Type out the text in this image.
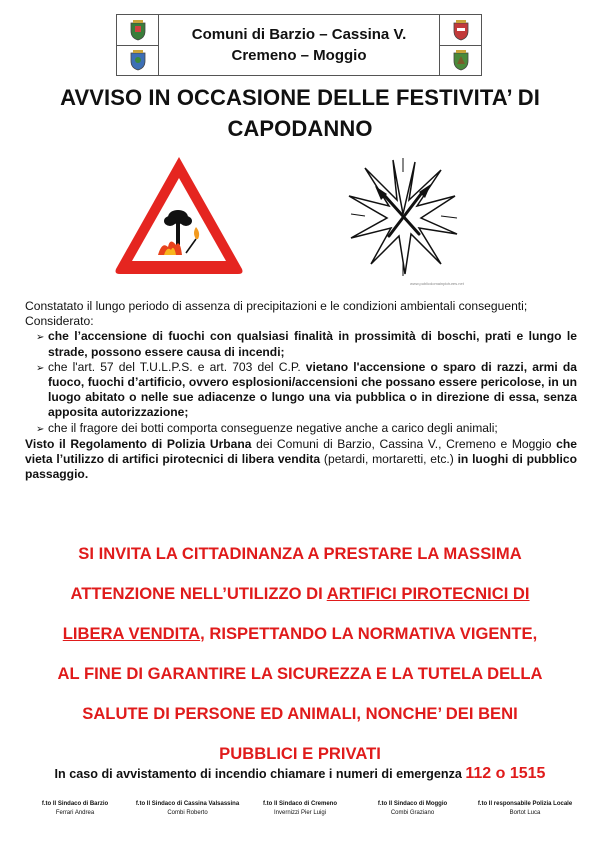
Comuni di Barzio – Cassina V.
Cremeno – Moggio
AVVISO IN OCCASIONE DELLE FESTIVITA’ DI
CAPODANNO
www.publicdomainpictures.net

Constatato il lungo periodo di assenza di precipitazioni e le condizioni ambientali conseguenti;

Considerato:

➢ che l’accensione di fuochi con qualsiasi finalità in prossimità di boschi, prati e lungo le strade, possono essere causa di incendi;
➢ che l'art. 57 del T.U.L.P.S. e art. 703 del C.P. vietano l'accensione o sparo di razzi, armi da fuoco, fuochi d’artificio, ovvero esplosioni/accensioni che possano essere pericolose, in un luogo abitato o nelle sue adiacenze o lungo una via pubblica o in direzione di essa, senza apposita autorizzazione;
➢ che il fragore dei botti comporta conseguenze negative anche a carico degli animali;

Visto il Regolamento di Polizia Urbana dei Comuni di Barzio, Cassina V., Cremeno e Moggio che vieta l’utilizzo di artifici pirotecnici di libera vendita (petardi, mortaretti, etc.) in luoghi di pubblico passaggio.

SI INVITA LA CITTADINANZA A PRESTARE LA MASSIMA
ATTENZIONE NELL’UTILIZZO DI ARTIFICI PIROTECNICI DI
LIBERA VENDITA, RISPETTANDO LA NORMATIVA VIGENTE,
AL FINE DI GARANTIRE LA SICUREZZA E LA TUTELA DELLA
SALUTE DI PERSONE ED ANIMALI, NONCHE’ DEI BENI
PUBBLICI E PRIVATI
In caso di avvistamento di incendio chiamare i numeri di emergenza 112 o 1515
f.to Il Sindaco di Barzio
Ferrari Andrea
f.to Il Sindaco di Cassina Valsassina
Combi Roberto
f.to Il Sindaco di Cremeno
Invernizzi Pier Luigi
f.to Il Sindaco di Moggio
Combi Graziano
f.to Il responsabile Polizia Locale
Bortot Luca
